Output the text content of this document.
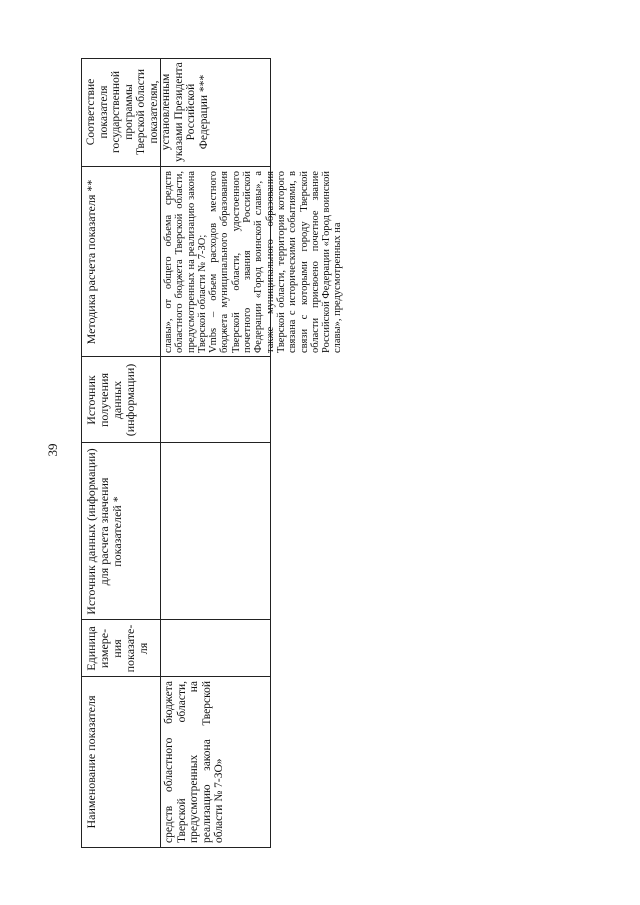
39
Наименование показателя
Единица измере-ния показате-ля
Источник данных (информации) для расчета значения показателей *
Источник получения данных (информации)
Методика расчета показателя **
Соответствие показателя государственной программы Тверской области показателям, установленным указами Президента Российской Федерации ***
средств областного бюджета Тверской области, предусмотренных на реализацию закона Тверской области № 7-ЗО»
славы», от общего объема средств областного бюджета Тверской области, предусмотренных на реализацию закона Тверской области № 7-ЗО;
Vmbs – объем расходов местного бюджета муниципального образования Тверской области, удостоенного почетного звания Российской Федерации «Город воинской славы», а также муниципального образования Тверской области, территория которого связана с историческими событиями, в связи с которыми городу Тверской области присвоено почетное звание Российской Федерации «Город воинской славы», предусмотренных на
